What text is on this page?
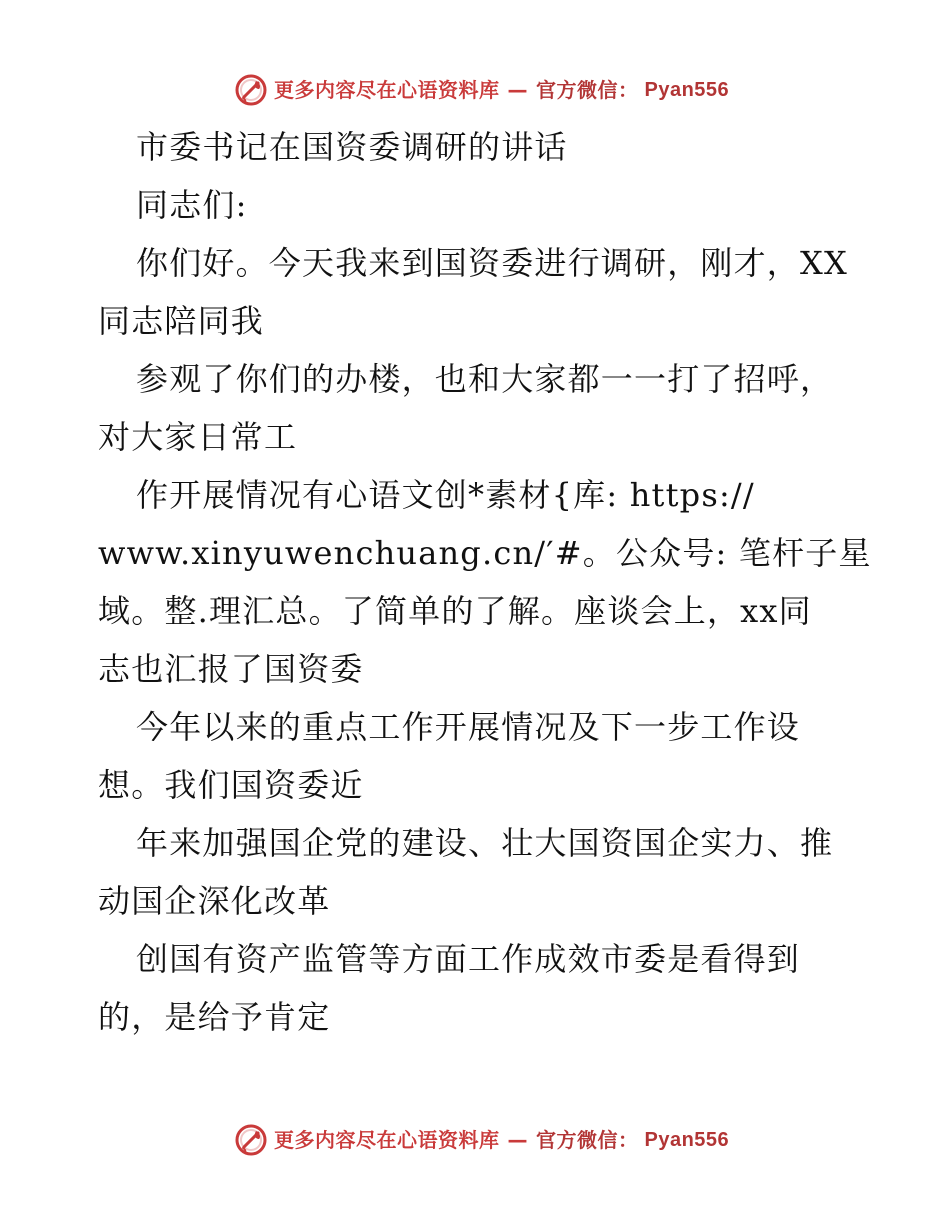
更多内容尽在心语资料库 — 官方微信： Pyan556
市委书记在国资委调研的讲话
同志们:
你们好。今天我来到国资委进行调研，刚才，XX
同志陪同我
参观了你们的办楼，也和大家都一一打了招呼，
对大家日常工
作开展情况有心语文创*素材{库: https://
www.xinyuwenchuang.cn/′#。公众号: 笔杆子星
域。整.理汇总。了简单的了解。座谈会上，xx同
志也汇报了国资委
今年以来的重点工作开展情况及下一步工作设
想。我们国资委近
年来加强国企党的建设、壮大国资国企实力、推
动国企深化改革
创国有资产监管等方面工作成效市委是看得到
的，是给予肯定
更多内容尽在心语资料库 — 官方微信： Pyan556
